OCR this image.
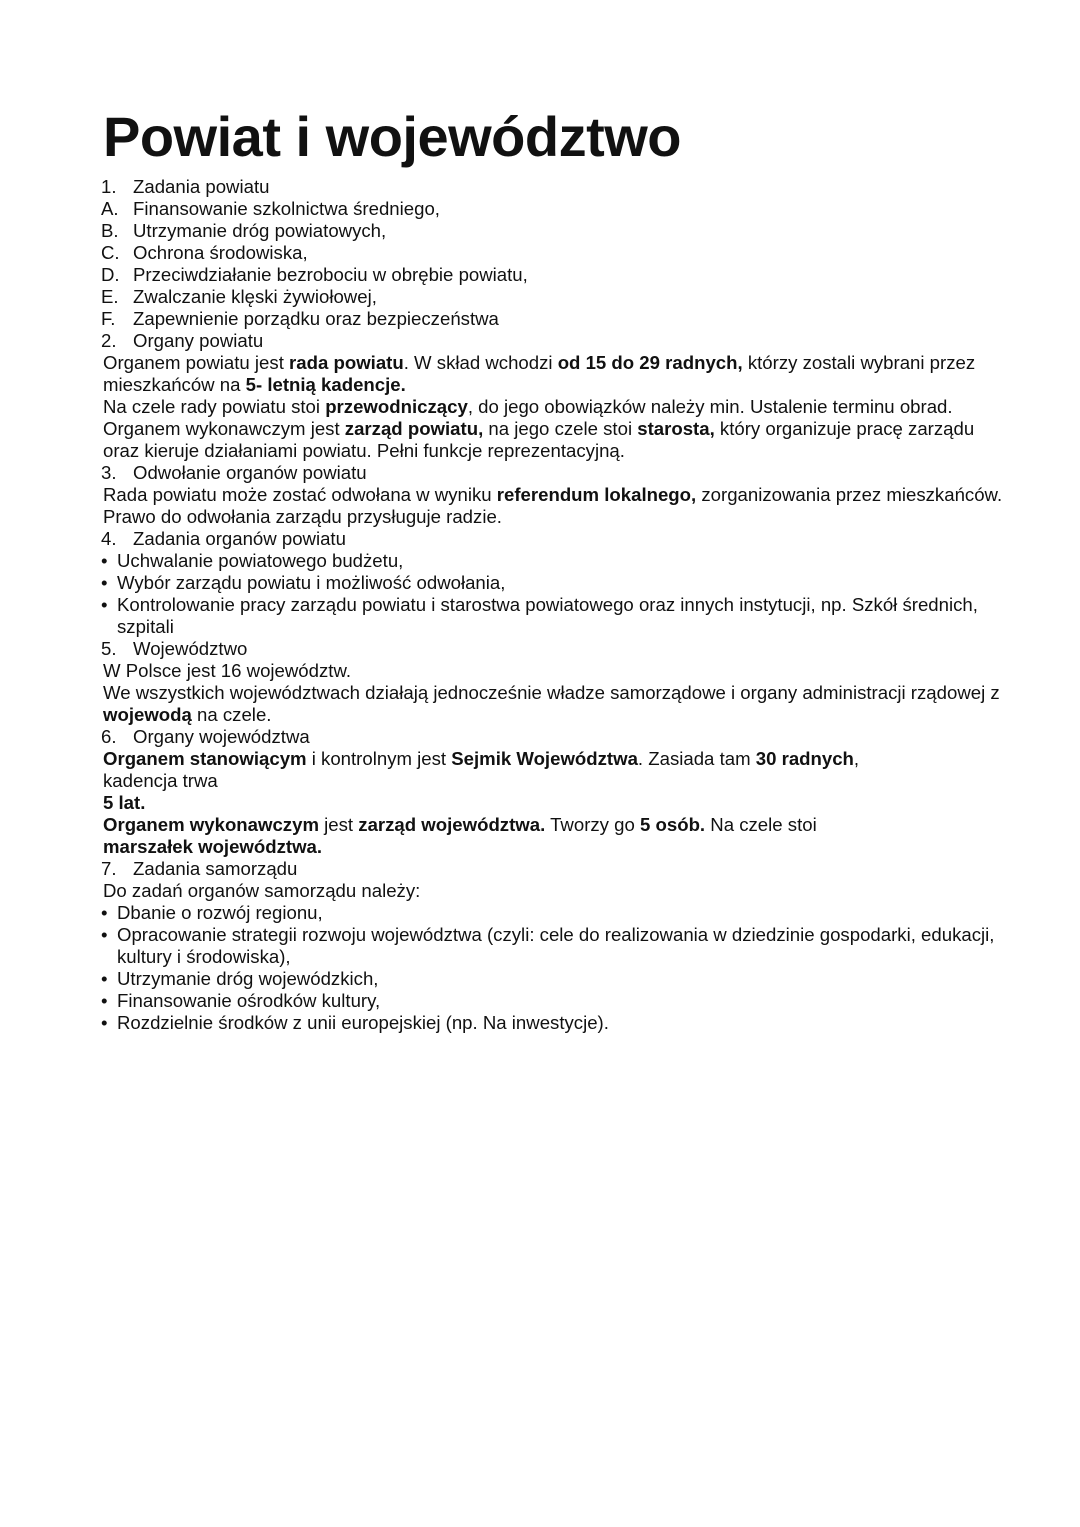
Powiat i województwo
1. Zadania powiatu
A. Finansowanie szkolnictwa średniego,
B. Utrzymanie dróg powiatowych,
C. Ochrona środowiska,
D. Przeciwdziałanie bezrobociu w obrębie powiatu,
E. Zwalczanie klęski żywiołowej,
F. Zapewnienie porządku oraz bezpieczeństwa
2. Organy powiatu

Organem powiatu jest rada powiatu. W skład wchodzi od 15 do 29 radnych, którzy zostali wybrani przez mieszkańców na 5- letnią kadencje.

Na czele rady powiatu stoi przewodniczący, do jego obowiązków należy min. Ustalenie terminu obrad. Organem wykonawczym jest zarząd powiatu, na jego czele stoi starosta, który organizuje pracę zarządu oraz kieruje działaniami powiatu. Pełni funkcje reprezentacyjną.

3. Odwołanie organów powiatu

Rada powiatu może zostać odwołana w wyniku referendum lokalnego, zorganizowania przez mieszkańców. Prawo do odwołania zarządu przysługuje radzie.

4. Zadania organów powiatu
• Uchwalanie powiatowego budżetu,
• Wybór zarządu powiatu i możliwość odwołania,
• Kontrolowanie pracy zarządu powiatu i starostwa powiatowego oraz innych instytucji, np. Szkół średnich, szpitali
5. Województwo

W Polsce jest 16 województw.

We wszystkich województwach działają jednocześnie władze samorządowe i organy administracji rządowej z wojewodą na czele.

6. Organy województwa

Organem stanowiącym i kontrolnym jest Sejmik Województwa. Zasiada tam 30 radnych,

kadencja trwa

5 lat.

Organem wykonawczym jest zarząd województwa. Tworzy go 5 osób. Na czele stoi

marszałek województwa.

7. Zadania samorządu

Do zadań organów samorządu należy:

• Dbanie o rozwój regionu,
• Opracowanie strategii rozwoju województwa (czyli: cele do realizowania w dziedzinie gospodarki, edukacji, kultury i środowiska),
• Utrzymanie dróg wojewódzkich,
• Finansowanie ośrodków kultury,
• Rozdzielnie środków z unii europejskiej (np. Na inwestycje).
